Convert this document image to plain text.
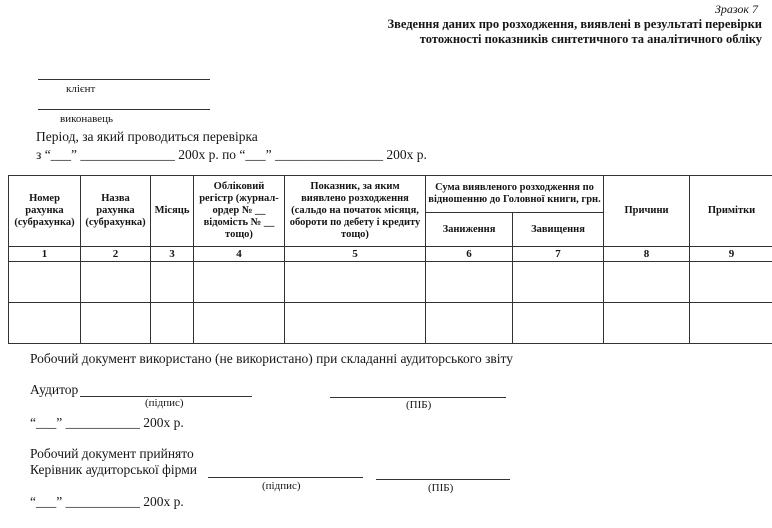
Зразок 7
Зведення даних про розходження, виявлені в результаті перевірки
тотожності показників синтетичного та аналітичного обліку
клієнт
виконавець
Період, за який проводиться перевірка
з “___” ______________ 200х р. по “___” ________________ 200х р.
Номер рахунка (субрахунка)	Назва рахунка (субрахунка)	Місяць	Обліковий регістр (журнал-ордер № __ відомість № __ тощо)	Показник, за яким виявлено розходження (сальдо на початок місяця, обороти по дебету і кредиту тощо)	Сума виявленого розходження по відношенню до Головної книги, грн.		Причини	Примітки
					Заниження	Завищення		
1	2	3	4	5	6	7	8	9

Робочий документ використано (не використано) при складанні аудиторського звіту
Аудитор
(підпис)	(ПІБ)
“___” ___________ 200х р.
Робочий документ прийнято
Керівник аудиторської фірми
(підпис)	(ПІБ)
“___” ___________ 200х р.
